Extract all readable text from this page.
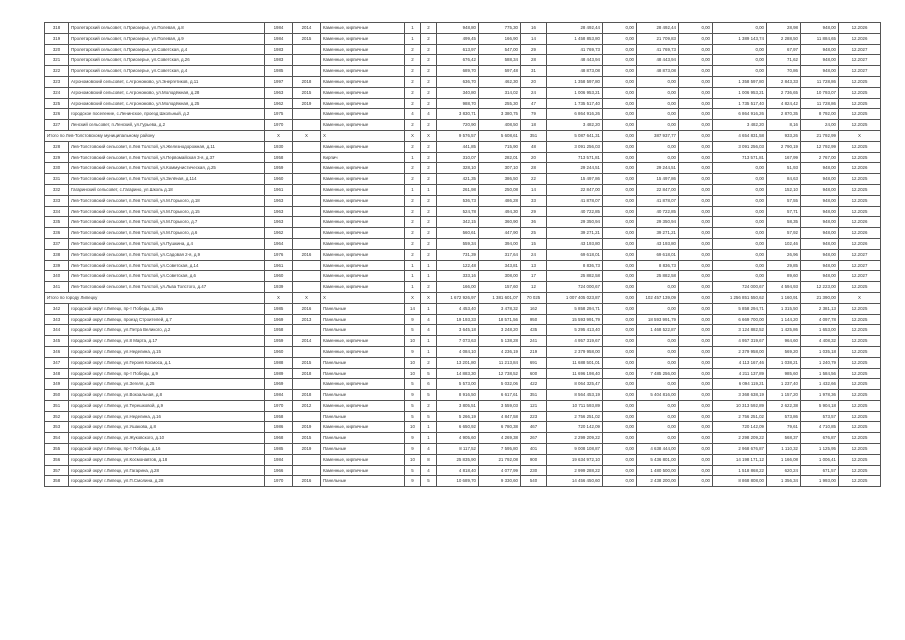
318	Пролетарский сельсовет, п.Приозерье, ул.Полевая, д.8	1984	2014	Каменные, кирпичные	1	2	948,80	775,30	16	28 492,44	0,00	28 492,44	0,00	0,00	28,98	948,00	12.2026
319	Пролетарский сельсовет, п.Приозерье, ул.Полевая, д.9	1984	2015	Каменные, кирпичные	1	2	499,45	166,90	14	1 458 853,80	0,00	21 709,83	0,00	1 389 143,74	2 288,50	11 884,65	12.2026
320	Пролетарский сельсовет, п.Приозерье, ул.Советская, д.4	1983		Каменные, кирпичные	2	2	613,97	547,00	29	41 769,73	0,00	41 769,73	0,00	0,00	67,97	948,00	12.2027
321	Пролетарский сельсовет, п.Приозерье, ул.Советская, д.26	1983		Каменные, кирпичные	2	2	676,42	588,34	28	48 443,94	0,00	48 443,94	0,00	0,00	71,62	948,00	12.2027
322	Пролетарский сельсовет, п.Приозерье, ул.Советская, д.4	1985		Каменные, кирпичные	2	2	689,70	597,48	31	48 873,08	0,00	48 873,08	0,00	0,00	70,86	948,00	12.2027
323	Агрономовский сельсовет, с.Агрономово, ул.Энергетиков, д.11	1997	2018	Каменные, кирпичные	2	2	636,70	462,30	20	1 358 597,80	0,00	0,00	0,00	1 358 597,80	2 843,33	11 728,86	12.2025
324	Агрономовский сельсовет, с.Агрономово, ул.Молодёжная, д.28	1963	2015	Каменные, кирпичные	2	2	340,80	314,02	24	1 006 953,21	0,00	0,00	0,00	1 006 953,21	2 736,65	10 793,07	12.2025
325	Агрономовский сельсовет, с.Агрономово, ул.Молодёжная, д.25	1962	2019	Каменные, кирпичные	2	2	988,70	255,30	47	1 735 517,40	0,00	0,00	0,00	1 735 517,40	4 824,42	11 728,86	12.2025
326	городское поселение, с.Ленинское, проезд Школьный, д.2	1975		Каменные, кирпичные	4	4	3 830,71	3 380,75	79	6 864 916,26	0,00	0,00	0,00	6 864 916,26	2 870,35	8 792,00	12.2025
327	Ленский сельсовет, п.Ленский, ул.Гурьева, д.2	1970		Каменные, кирпичные	2	2	720,90	408,50	18	3 482,20	0,00	0,00	0,00	3 482,20	8,16	24,00	12.2025
Итого по Лев-Толстовскому муниципальному району		X	X	X	X	X	9 576,57	5 608,61	351	5 087 641,31	0,00	387 937,77	0,00	4 654 831,58	933,26	21 792,99	X
328	Лев-Толстовский сельсовет, п.Лев Толстой, ул.Железнодорожная, д.11	1930		Каменные, кирпичные	2	2	441,85	715,90	48	3 091 256,03	0,00	0,00	0,00	3 091 256,03	2 790,19	12 792,99	12.2025
329	Лев-Толстовский сельсовет, п.Лев Толстой, ул.Первомайская 3-я, д.37	1958		Кирпич	1	2	310,07	282,01	20	713 571,81	0,00	0,00	0,00	713 571,81	167,99	2 767,00	12.2025
330	Лев-Толстовский сельсовет, п.Лев Толстой, ул.Коммунистическая, д.25	1959		Каменные, кирпичные	2	2	328,10	307,10	28	29 244,51	0,00	29 244,51	0,00	0,00	51,93	948,00	12.2026
331	Лев-Толстовский сельсовет, п.Лев Толстой, ул.Зелёная, д.114	1960		Каменные, кирпичные	2	2	421,35	386,50	22	15 497,86	0,00	15 497,86	0,00	0,00	84,63	948,00	12.2025
332	Гагаринский сельсовет, с.Гагарино, ул.Школь д.18	1961		Каменные, кирпичные	1	1	261,98	250,08	14	22 847,00	0,00	22 847,00	0,00	0,00	152,10	948,00	12.2025
333	Лев-Толстовский сельсовет, п.Лев Толстой, ул.М.Горького, д.18	1963		Каменные, кирпичные	2	2	536,73	486,28	33	41 878,07	0,00	41 878,07	0,00	0,00	57,55	948,00	12.2025
334	Лев-Толстовский сельсовет, п.Лев Толстой, ул.М.Горького, д.15	1963		Каменные, кирпичные	2	2	524,78	494,30	29	40 722,85	0,00	40 722,85	0,00	0,00	57,71	948,00	12.2025
335	Лев-Толстовский сельсовет, п.Лев Толстой, ул.М.Горького, д.7	1963		Каменные, кирпичные	2	2	342,15	360,90	36	29 350,94	0,00	29 350,94	0,00	0,00	58,35	948,00	12.2026
336	Лев-Толстовский сельсовет, п.Лев Толстой, ул.М.Горького, д.6	1962		Каменные, кирпичные	2	2	560,61	447,90	25	39 271,21	0,00	39 271,21	0,00	0,00	57,92	948,00	12.2026
337	Лев-Толстовский сельсовет, п.Лев Толстой, ул.Пушкина, д.4	1964		Каменные, кирпичные	2	2	559,34	394,00	15	43 193,80	0,00	43 193,80	0,00	0,00	102,46	948,00	12.2026
338	Лев-Толстовский сельсовет, п.Лев Толстой, ул.Садовая 2-я, д.9	1976	2016	Каменные, кирпичные	2	2	731,39	317,64	24	69 618,01	0,00	69 618,01	0,00	0,00	26,96	948,00	12.2027
339	Лев-Толстовский сельсовет, п.Лев Толстой, ул.Советская, д.14	1961		Каменные, кирпичные	1	1	122,48	343,81	13	8 836,73	0,00	8 836,73	0,00	0,00	29,85	948,00	12.2027
340	Лев-Толстовский сельсовет, п.Лев Толстой, ул.Советская, д.6	1960		Каменные, кирпичные	1	1	333,16	308,00	17	25 882,58	0,00	25 882,58	0,00	0,00	89,60	948,00	12.2027
341	Лев-Толстовский сельсовет, п.Лев Толстой, ул.Льва Толстого, д.47	1939		Каменные, кирпичные	1	2	166,00	157,60	12	724 000,67	0,00	0,00	0,00	724 000,67	4 594,93	12 223,00	12.2025
Итого по городу Липецку		X	X	X	X	X	1 672 926,97	1 381 601,07	70 025	1 007 405 023,87	0,00	102 457 139,09	0,00	1 256 851 550,62	1 160,91	21 390,00	X
342	городской округ г.Липецк, пр-т Победы, д.29а	1985	2016	Панельные	14	1	4 453,40	3 478,32	162	5 858 294,71	0,00	0,00	0,00	5 858 294,71	1 315,50	2 381,13	12.2025
343	городской округ г.Липецк, проезд Строителей, д.7	1969	2013	Панельные	9	4	19 193,33	18 571,56	950	15 593 991,79	0,00	18 593 991,79	0,00	6 669 700,00	1 144,20	4 097,78	12.2025
344	городской округ г.Липецк, ул.Петра Великого, д.2	1958		Панельные	5	4	3 645,18	3 248,20	435	5 295 413,40	0,00	1 468 522,87	0,00	3 124 882,52	1 425,86	1 653,00	12.2025
345	городской округ г.Липецк, ул.8 Марта, д.17	1959	2014	Каменные, кирпичные	10	1	7 073,63	5 138,28	241	4 957 319,67	0,00	0,00	0,00	4 957 319,67	964,60	4 408,32	12.2025
346	городской округ г.Липецк, ул.Неделина, д.15	1960		Каменные, кирпичные	9	1	4 084,10	4 236,19	219	2 379 958,00	0,00	0,00	0,00	2 379 958,00	569,20	1 035,18	12.2025
347	городской округ г.Липецк, ул.Героев Космоса, д.1	1988	2015	Панельные	10	2	13 201,80	11 213,84	691	11 688 501,01	0,00	0,00	0,00	4 113 167,46	1 038,21	1 240,79	12.2025
348	городской округ г.Липецк, пр-т Победы, д.9	1989	2018	Панельные	10	5	14 883,30	12 738,52	600	11 696 198,40	0,00	7 485 256,00	0,00	4 211 137,89	985,60	1 584,56	12.2025
349	городской округ г.Липецк, ул.Зегеля, д.25	1969		Каменные, кирпичные	5	6	5 573,00	5 032,06	422	8 064 325,47	0,00	0,00	0,00	6 094 119,21	1 237,40	1 432,66	12.2025
350	городской округ г.Липецк, ул.Вокзальная, д.8	1984	2018	Панельные	9	5	8 916,50	6 617,61	351	8 564 453,19	0,00	5 404 816,00	0,00	3 368 638,19	1 157,20	1 978,36	12.2025
351	городской округ г.Липецк, ул.Терешковой, д.9	1970	2012	Каменные, кирпичные	5	2	3 805,51	3 559,03	121	10 711 593,89	0,00	0,00	0,00	10 313 592,89	2 622,38	5 904,18	12.2025
352	городской округ г.Липецк, ул.Неделина, д.16	1958		Панельные	5	5	5 266,19	4 847,58	223	2 756 251,02	0,00	0,00	0,00	2 756 251,02	573,86	573,57	12.2025
353	городской округ г.Липецк, ул.Ушакова, д.8	1986	2019	Каменные, кирпичные	10	1	6 650,92	6 780,38	467	720 142,09	0,00	0,00	0,00	720 142,09	79,61	4 710,85	12.2025
354	городской округ г.Липецк, ул.Жуковского, д.10	1968	2015	Панельные	9	1	4 905,60	4 269,38	267	2 299 209,22	0,00	0,00	0,00	2 298 209,22	568,37	676,87	12.2025
355	городской округ г.Липецк, пр-т Победы, д.16	1985	2019	Панельные	9	4	8 117,52	7 595,80	401	9 008 108,87	0,00	4 638 444,00	0,00	2 968 676,87	1 110,32	1 125,95	12.2025
356	городской округ г.Липецк, ул.Космонавтов, д.18	1984		Каменные, кирпичные	10	8	25 835,90	21 792,08	900	19 634 972,10	0,00	5 436 801,00	0,00	14 198 171,12	1 166,08	1 006,41	12.2025
357	городской округ г.Липецк, ул.Гагарина, д.28	1966		Каменные, кирпичные	5	4	4 818,40	4 077,99	230	2 999 288,22	0,00	1 480 500,00	0,00	1 518 868,22	620,24	671,57	12.2025
358	городской округ г.Липецк, ул.П.Смолина, д.28	1970	2016	Панельные	9	5	10 689,70	9 330,60	540	14 456 450,60	0,00	2 438 200,00	0,00	8 868 808,00	1 356,34	1 993,00	12.2025
